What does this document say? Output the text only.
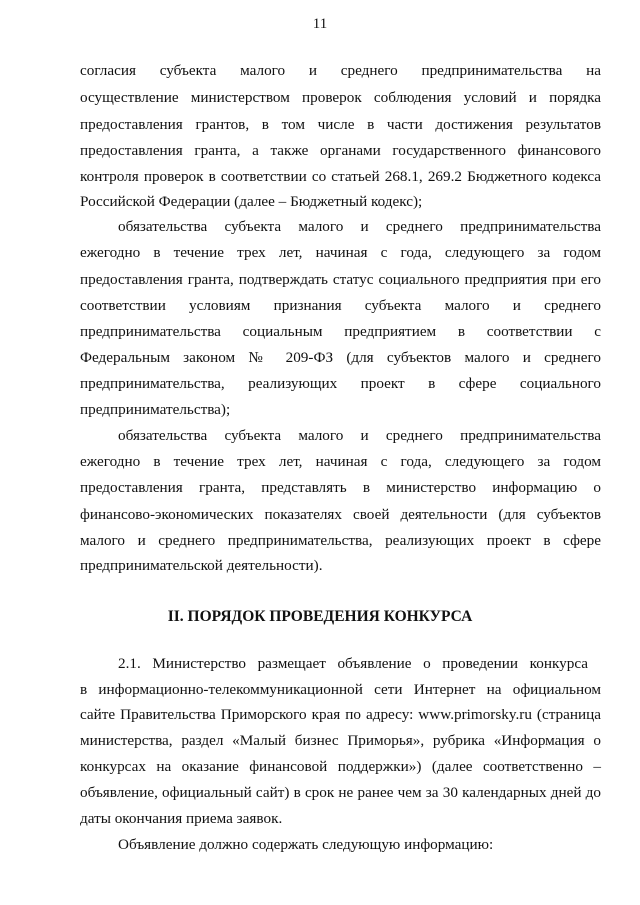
11
согласия субъекта малого и среднего предпринимательства на
осуществление министерством проверок соблюдения условий и порядка
предоставления грантов, в том числе в части достижения результатов
предоставления гранта, а также органами государственного финансового
контроля проверок в соответствии со статьей 268.1, 269.2 Бюджетного кодекса
Российской Федерации (далее – Бюджетный кодекс);
обязательства субъекта малого и среднего предпринимательства
ежегодно в течение трех лет, начиная с года, следующего за годом
предоставления гранта, подтверждать статус социального предприятия при его
соответствии условиям признания субъекта малого и среднего
предпринимательства социальным предприятием в соответствии с
Федеральным законом № 209-ФЗ (для субъектов малого и среднего
предпринимательства, реализующих проект в сфере социального
предпринимательства);
обязательства субъекта малого и среднего предпринимательства
ежегодно в течение трех лет, начиная с года, следующего за годом
предоставления гранта, представлять в министерство информацию о
финансово-экономических показателях своей деятельности (для субъектов
малого и среднего предпринимательства, реализующих проект в сфере
предпринимательской деятельности).
II. ПОРЯДОК ПРОВЕДЕНИЯ КОНКУРСА
2.1. Министерство размещает объявление о проведении конкурса
в информационно-телекоммуникационной сети Интернет на официальном
сайте Правительства Приморского края по адресу: www.primorsky.ru (страница
министерства, раздел «Малый бизнес Приморья», рубрика «Информация о
конкурсах на оказание финансовой поддержки») (далее соответственно –
объявление, официальный сайт) в срок не ранее чем за 30 календарных дней до
даты окончания приема заявок.
Объявление должно содержать следующую информацию:
